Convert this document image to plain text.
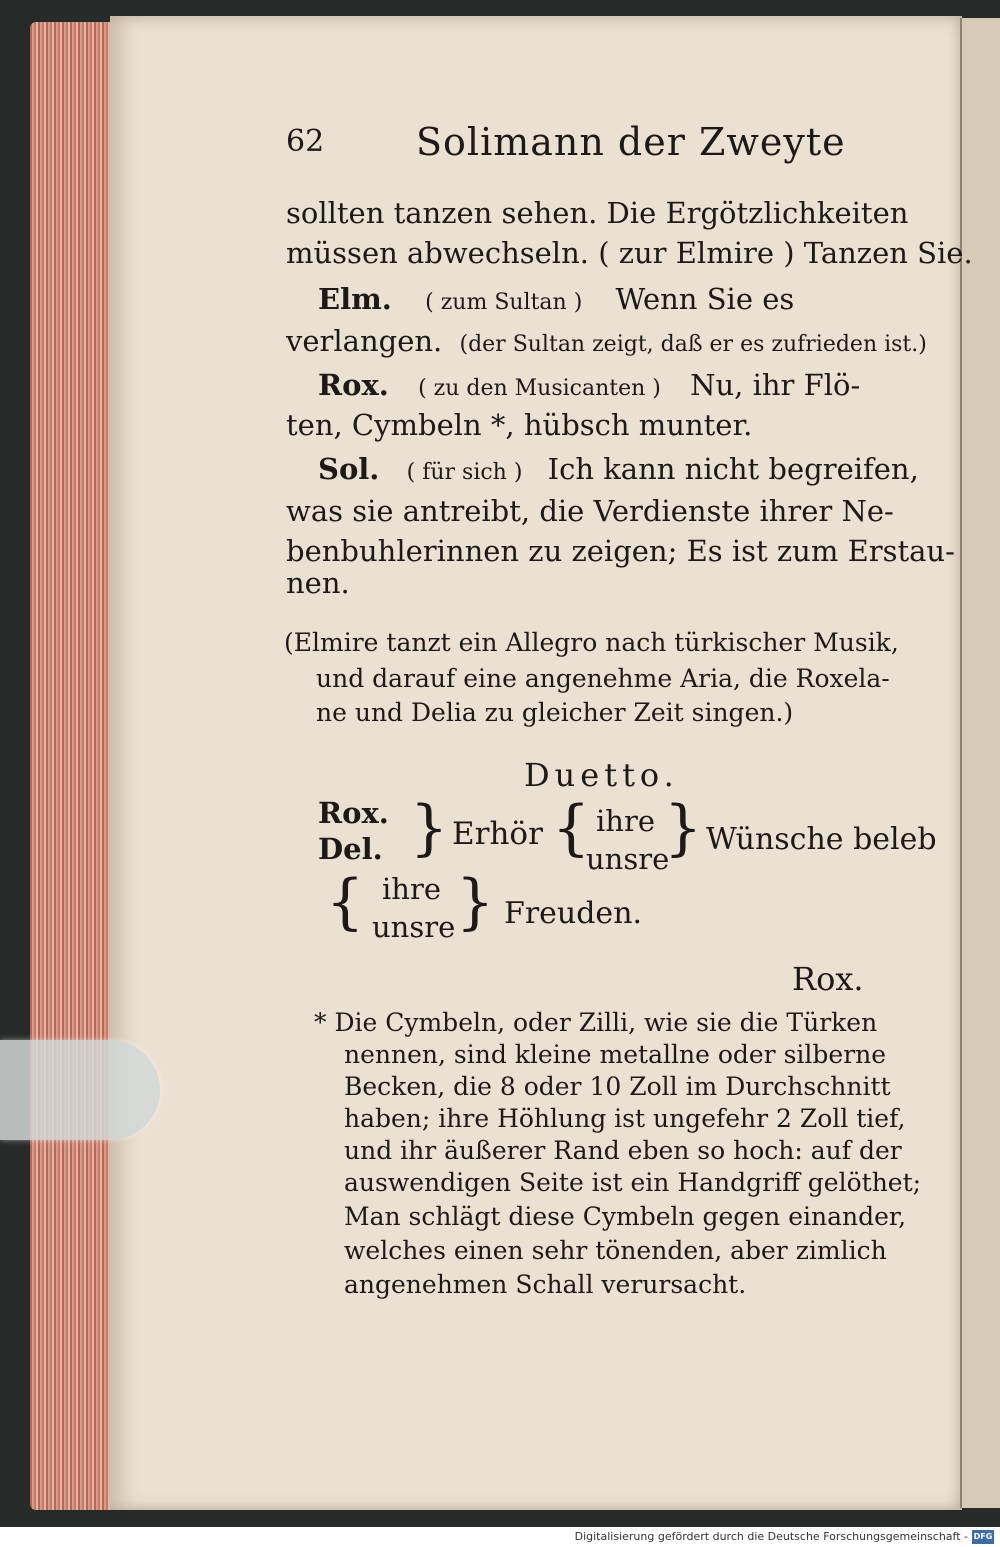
62 Solimann der Zweyte
sollten tanzen sehen. Die Ergötzlichkeiten
müssen abwechseln. ( zur Elmire ) Tanzen Sie.
Elm. ( zum Sultan ) Wenn Sie es
verlangen. (der Sultan zeigt, daß er es zufrieden ist.)
Rox. ( zu den Musicanten ) Nu, ihr Flö-
ten, Cymbeln *, hübsch munter.
Sol. ( für sich ) Ich kann nicht begreifen,
was sie antreibt, die Verdienste ihrer Ne-
benbuhlerinnen zu zeigen; Es ist zum Erstau-
nen.
(Elmire tanzt ein Allegro nach türkischer Musik,
und darauf eine angenehme Aria, die Roxela-
ne und Delia zu gleicher Zeit singen.)
Duetto.
Rox.
Del. } Erhör { ihre
unsre
} Wünsche beleb
{ ihre
unsre } Freuden.
Rox.
* Die Cymbeln, oder Zilli, wie sie die Türken
nennen, sind kleine metallne oder silberne
Becken, die 8 oder 10 Zoll im Durchschnitt
haben; ihre Höhlung ist ungefehr 2 Zoll tief,
und ihr äußerer Rand eben so hoch: auf der
auswendigen Seite ist ein Handgriff gelöthet;
Man schlägt diese Cymbeln gegen einander,
welches einen sehr tönenden, aber zimlich
angenehmen Schall verursacht.
Digitalisierung gefördert durch die Deutsche Forschungsgemeinschaft - DFG
